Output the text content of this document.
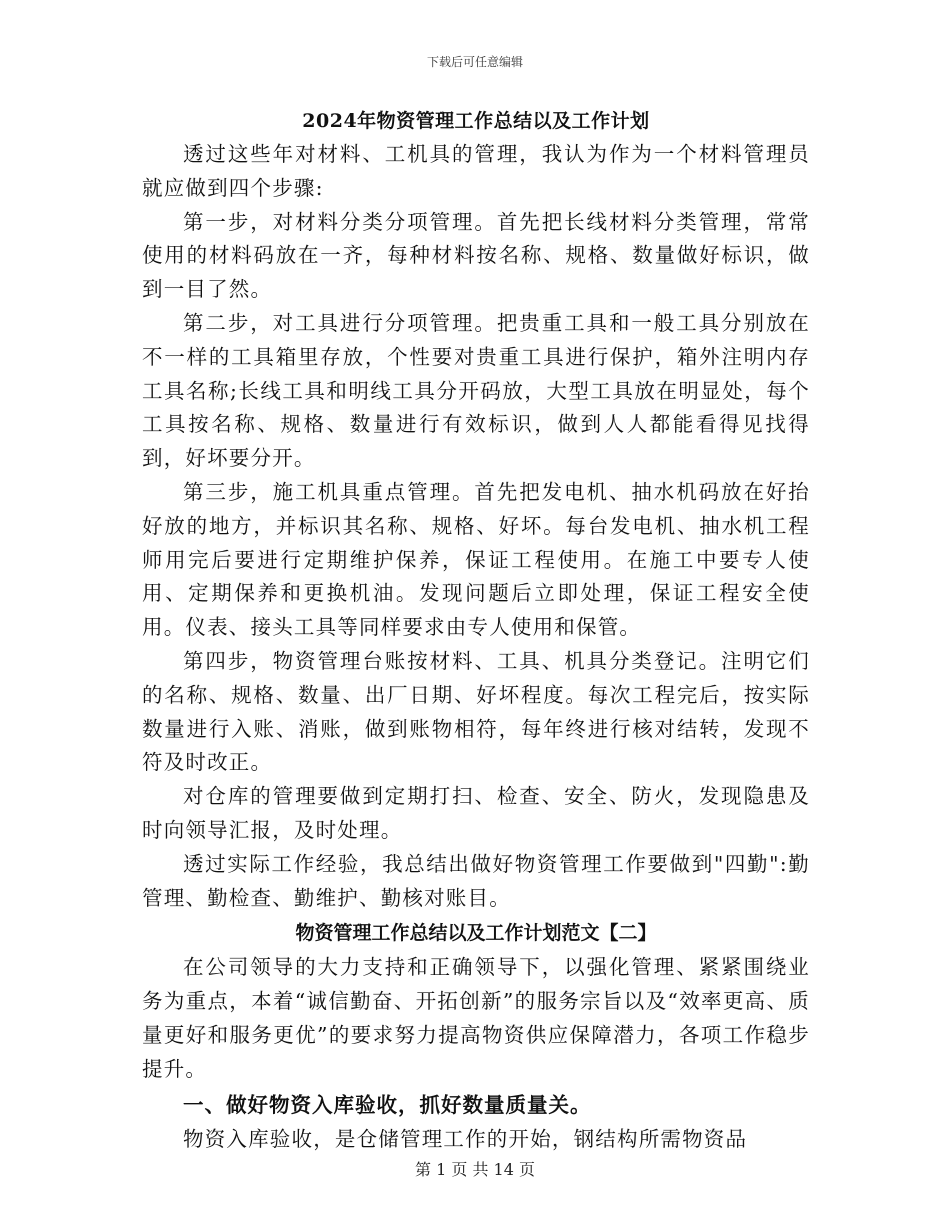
下载后可任意编辑
2024年物资管理工作总结以及工作计划

透过这些年对材料、工机具的管理，我认为作为一个材料管理员就应做到四个步骤:

第一步，对材料分类分项管理。首先把长线材料分类管理，常常使用的材料码放在一齐，每种材料按名称、规格、数量做好标识，做到一目了然。

第二步，对工具进行分项管理。把贵重工具和一般工具分别放在不一样的工具箱里存放，个性要对贵重工具进行保护，箱外注明内存工具名称;长线工具和明线工具分开码放，大型工具放在明显处，每个工具按名称、规格、数量进行有效标识，做到人人都能看得见找得到，好坏要分开。

第三步，施工机具重点管理。首先把发电机、抽水机码放在好抬好放的地方，并标识其名称、规格、好坏。每台发电机、抽水机工程师用完后要进行定期维护保养，保证工程使用。在施工中要专人使用、定期保养和更换机油。发现问题后立即处理，保证工程安全使用。仪表、接头工具等同样要求由专人使用和保管。

第四步，物资管理台账按材料、工具、机具分类登记。注明它们的名称、规格、数量、出厂日期、好坏程度。每次工程完后，按实际数量进行入账、消账，做到账物相符，每年终进行核对结转，发现不符及时改正。

对仓库的管理要做到定期打扫、检查、安全、防火，发现隐患及时向领导汇报，及时处理。

透过实际工作经验，我总结出做好物资管理工作要做到"四勤":勤管理、勤检查、勤维护、勤核对账目。

物资管理工作总结以及工作计划范文【二】

在公司领导的大力支持和正确领导下，以强化管理、紧紧围绕业务为重点，本着“诚信勤奋、开拓创新”的服务宗旨以及“效率更高、质量更好和服务更优”的要求努力提高物资供应保障潜力，各项工作稳步提升。

一、做好物资入库验收，抓好数量质量关。

物资入库验收，是仓储管理工作的开始，钢结构所需物资品

第 1 页 共 14 页
